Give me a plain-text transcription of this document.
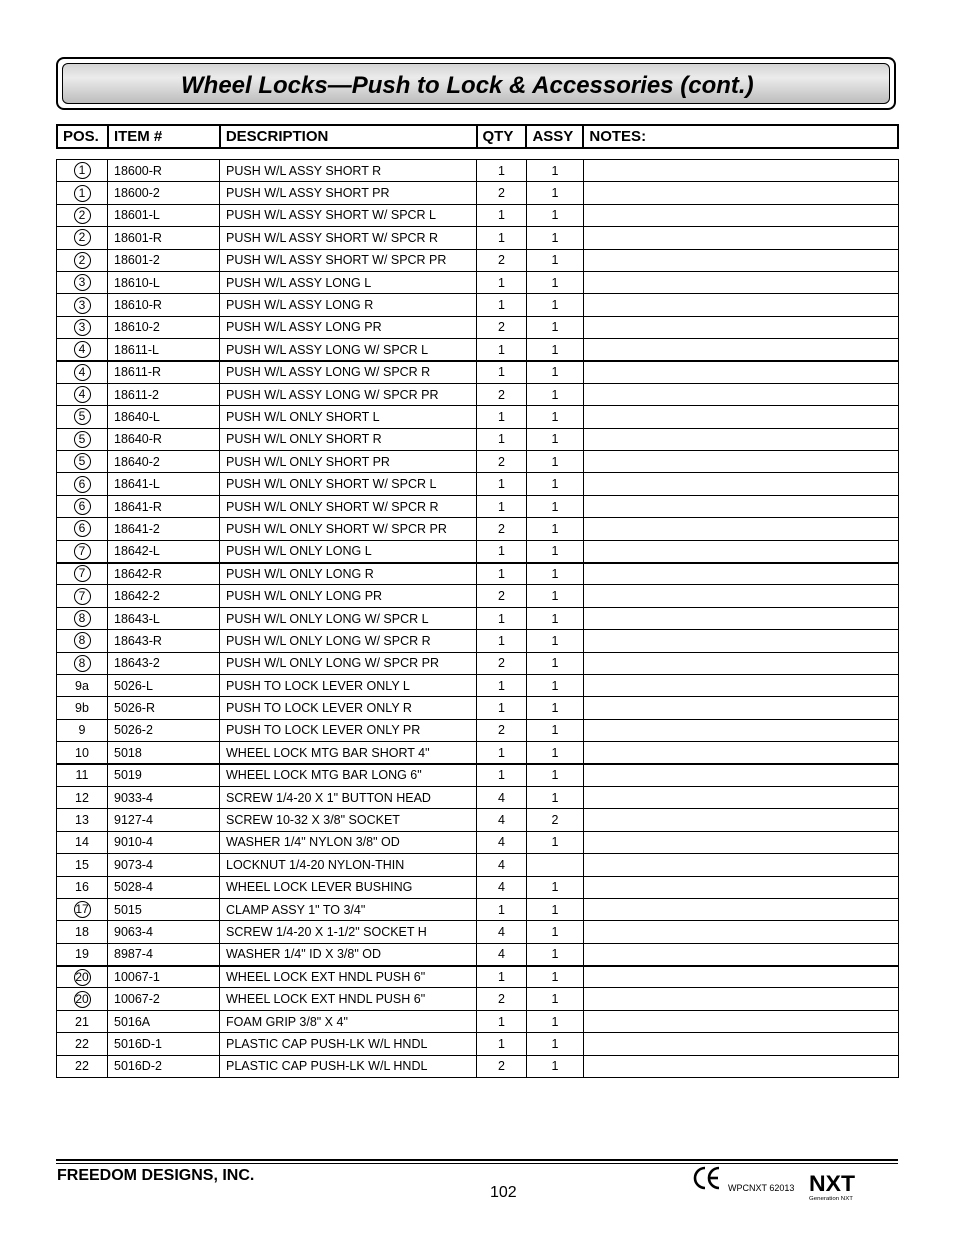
Wheel Locks—Push to Lock & Accessories (cont.)
POS.	ITEM #	DESCRIPTION	QTY	ASSY	NOTES:
1	18600-R	PUSH W/L ASSY SHORT R	1	1	
1	18600-2	PUSH W/L ASSY SHORT PR	2	1	
2	18601-L	PUSH W/L ASSY SHORT W/ SPCR L	1	1	
2	18601-R	PUSH W/L ASSY SHORT W/ SPCR R	1	1	
2	18601-2	PUSH W/L ASSY SHORT W/ SPCR PR	2	1	
3	18610-L	PUSH W/L ASSY LONG L	1	1	
3	18610-R	PUSH W/L ASSY LONG R	1	1	
3	18610-2	PUSH W/L ASSY LONG PR	2	1	
4	18611-L	PUSH W/L ASSY LONG W/ SPCR L	1	1	
4	18611-R	PUSH W/L ASSY LONG W/ SPCR R	1	1	
4	18611-2	PUSH W/L ASSY LONG W/ SPCR PR	2	1	
5	18640-L	PUSH W/L ONLY SHORT L	1	1	
5	18640-R	PUSH W/L ONLY SHORT R	1	1	
5	18640-2	PUSH W/L ONLY SHORT PR	2	1	
6	18641-L	PUSH W/L ONLY SHORT W/ SPCR L	1	1	
6	18641-R	PUSH W/L ONLY SHORT W/ SPCR R	1	1	
6	18641-2	PUSH W/L ONLY SHORT W/ SPCR PR	2	1	
7	18642-L	PUSH W/L ONLY LONG L	1	1	
7	18642-R	PUSH W/L ONLY LONG R	1	1	
7	18642-2	PUSH W/L ONLY LONG PR	2	1	
8	18643-L	PUSH W/L ONLY LONG W/ SPCR L	1	1	
8	18643-R	PUSH W/L ONLY LONG W/ SPCR R	1	1	
8	18643-2	PUSH W/L ONLY LONG W/ SPCR PR	2	1	
9a	5026-L	PUSH TO LOCK LEVER ONLY L	1	1	
9b	5026-R	PUSH TO LOCK LEVER ONLY R	1	1	
9	5026-2	PUSH TO LOCK LEVER ONLY PR	2	1	
10	5018	WHEEL LOCK MTG BAR SHORT 4"	1	1	
11	5019	WHEEL LOCK MTG BAR LONG 6"	1	1	
12	9033-4	SCREW 1/4-20 X 1" BUTTON HEAD	4	1	
13	9127-4	SCREW 10-32 X 3/8" SOCKET	4	2	
14	9010-4	WASHER 1/4" NYLON 3/8" OD	4	1	
15	9073-4	LOCKNUT 1/4-20 NYLON-THIN	4		
16	5028-4	WHEEL LOCK LEVER BUSHING	4	1	
17	5015	CLAMP ASSY 1" TO 3/4"	1	1	
18	9063-4	SCREW 1/4-20 X 1-1/2" SOCKET H	4	1	
19	8987-4	WASHER 1/4" ID X 3/8" OD	4	1	
20	10067-1	WHEEL LOCK EXT HNDL PUSH 6"	1	1	
20	10067-2	WHEEL LOCK EXT HNDL PUSH 6"	2	1	
21	5016A	FOAM GRIP 3/8" X 4"	1	1	
22	5016D-1	PLASTIC CAP PUSH-LK W/L HNDL	1	1	
22	5016D-2	PLASTIC CAP PUSH-LK W/L HNDL	2	1	
FREEDOM DESIGNS, INC.
102	WPCNXT 62013 NXT
Generation NXT
